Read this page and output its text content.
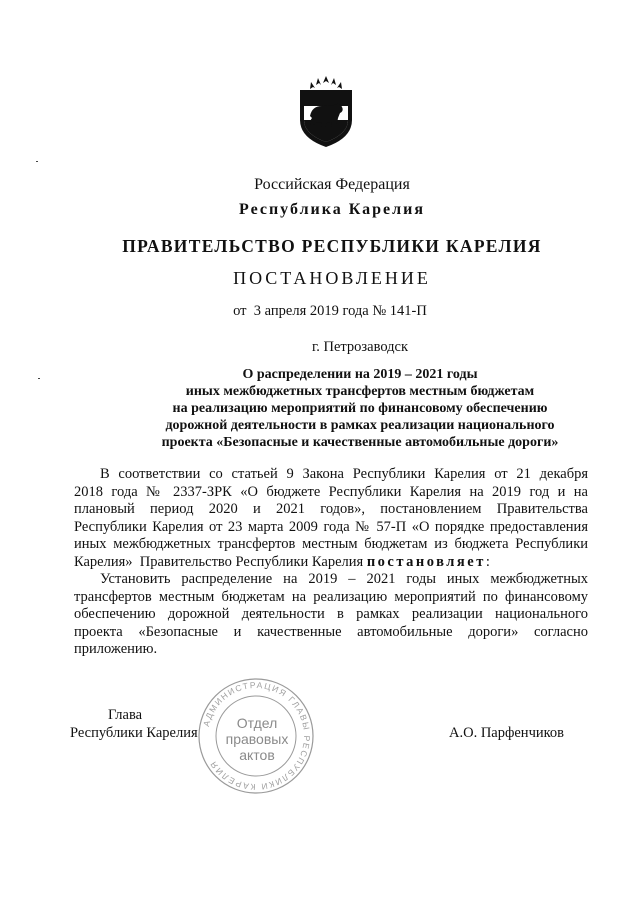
Российская Федерация
Республика Карелия
ПРАВИТЕЛЬСТВО РЕСПУБЛИКИ КАРЕЛИЯ
ПОСТАНОВЛЕНИЕ
от  3 апреля 2019 года № 141-П
г. Петрозаводск
О распределении на 2019 – 2021 годы
иных межбюджетных трансфертов местным бюджетам
на реализацию мероприятий по финансовому обеспечению
дорожной деятельности в рамках реализации национального
проекта «Безопасные и качественные автомобильные дороги»
В соответствии со статьей 9 Закона Республики Карелия от 21 декабря
2018 года № 2337-ЗРК «О бюджете Республики Карелия на 2019 год и на
плановый период 2020 и 2021 годов», постановлением Правительства
Республики Карелия от 23 марта 2009 года № 57-П «О порядке предоставления
иных межбюджетных трансфертов местным бюджетам из бюджета Республики
Карелия»  Правительство Республики Карелия постановляет:
Установить распределение на 2019 – 2021 годы иных межбюджетных
трансфертов местным бюджетам на реализацию мероприятий по финансовому
обеспечению дорожной деятельности в рамках реализации национального
проекта «Безопасные и качественные автомобильные дороги» согласно
приложению.
АДМИНИСТРАЦИЯ ГЛАВЫ РЕСПУБЛИКИ КАРЕЛИЯ
Отдел
правовых
актов
Глава
Республики Карелия	А.О. Парфенчиков
